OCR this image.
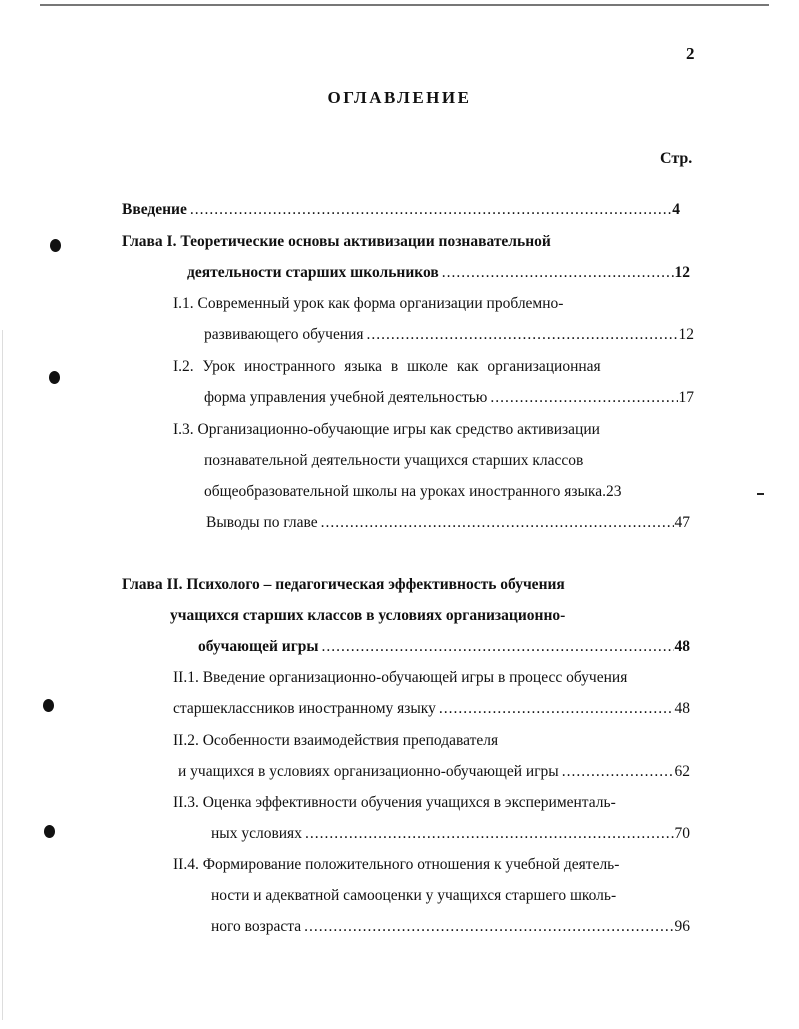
2
ОГЛАВЛЕНИЕ
Стр.
Введение .....	4
Глава I. Теоретические основы активизации познавательной
деятельности старших школьников .....	12
I.1. Современный урок как форма организации проблемно-
развивающего обучения .....	12
I.2. Урок иностранного языка в школе как организационная
форма управления учебной деятельностью .....	17
I.3. Организационно-обучающие игры как средство активизации
познавательной деятельности учащихся старших классов
общеобразовательной школы на уроках иностранного языка .23
Выводы по главе .....	47
Глава II. Психолого – педагогическая эффективность обучения
учащихся старших классов в условиях организационно-
обучающей игры .....	48
II.1. Введение организационно-обучающей игры в процесс обучения
старшеклассников иностранному языку .....	48
II.2. Особенности взаимодействия преподавателя
и учащихся в условиях организационно-обучающей игры .....	62
II.3. Оценка эффективности обучения учащихся в эксперименталь-
ных условиях .....	70
II.4. Формирование положительного отношения к учебной деятель-
ности и адекватной самооценки у учащихся старшего школь-
ного возраста .....	96
